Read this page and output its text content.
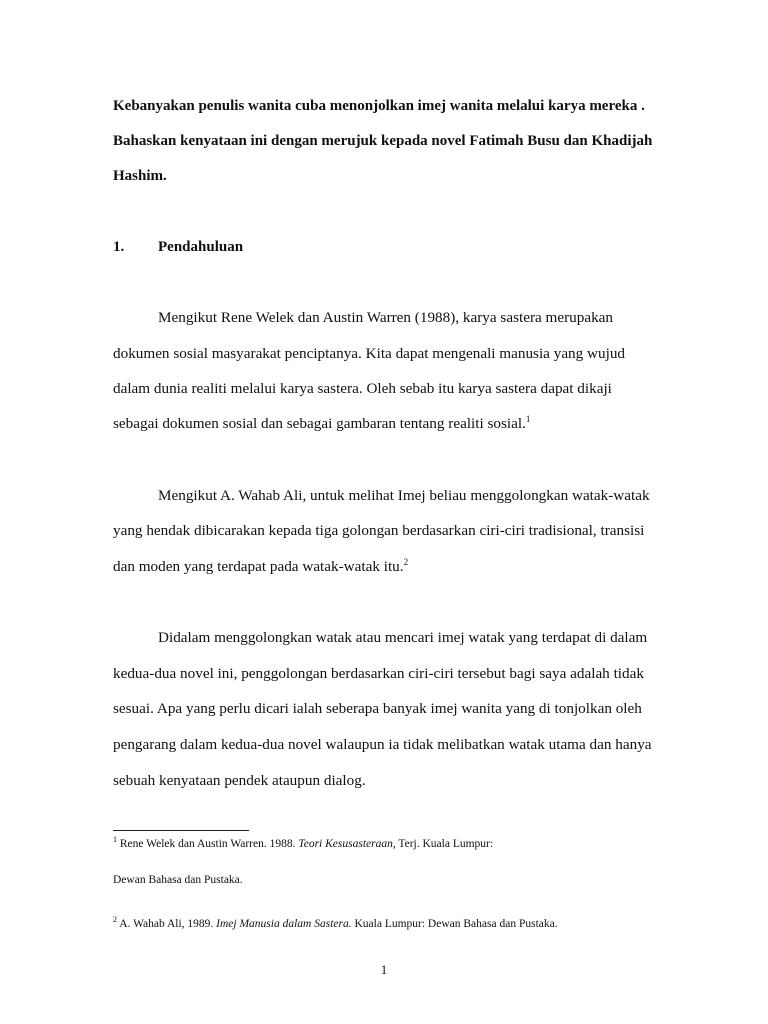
Kebanyakan penulis wanita cuba menonjolkan imej wanita melalui karya mereka .
Bahaskan kenyataan ini dengan merujuk kepada novel Fatimah Busu dan Khadijah
Hashim.
1. Pendahuluan
Mengikut Rene Welek dan Austin Warren (1988), karya sastera merupakan
dokumen sosial masyarakat penciptanya. Kita dapat mengenali manusia yang wujud
dalam dunia realiti melalui karya sastera. Oleh sebab itu karya sastera dapat dikaji
sebagai dokumen sosial dan sebagai gambaran tentang realiti sosial.$^1$
Mengikut A. Wahab Ali, untuk melihat Imej beliau menggolongkan watak-watak
yang hendak dibicarakan kepada tiga golongan berdasarkan ciri-ciri tradisional, transisi
dan moden yang terdapat pada watak-watak itu.$^2$
Didalam menggolongkan watak atau mencari imej watak yang terdapat di dalam
kedua-dua novel ini, penggolongan berdasarkan ciri-ciri tersebut bagi saya adalah tidak
sesuai. Apa yang perlu dicari ialah seberapa banyak imej wanita yang di tonjolkan oleh
pengarang dalam kedua-dua novel walaupun ia tidak melibatkan watak utama dan hanya
sebuah kenyataan pendek ataupun dialog.
$^1$ Rene Welek dan Austin Warren. 1988. Teori Kesusasteraan, Terj. Kuala Lumpur:
Dewan Bahasa dan Pustaka.
$^2$ A. Wahab Ali, 1989. Imej Manusia dalam Sastera. Kuala Lumpur: Dewan Bahasa dan Pustaka.
1
